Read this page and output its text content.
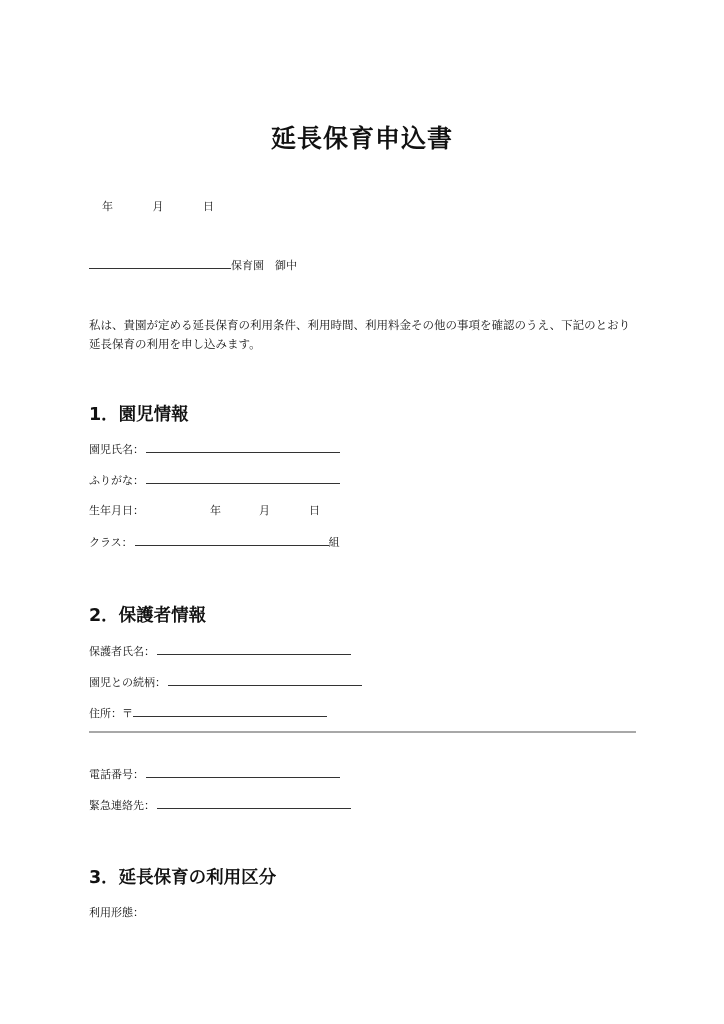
延長保育申込書
年	月	日
保育園　御中
私は、貴園が定める延長保育の利用条件、利用時間、利用料金その他の事項を確認のうえ、下記のとおり延長保育の利用を申し込みます。
1．園児情報
園児氏名：
ふりがな：
生年月日：	年	月	日
クラス：	組
2．保護者情報
保護者氏名：
園児との続柄：
住所：〒
電話番号：
緊急連絡先：
3．延長保育の利用区分
利用形態：
